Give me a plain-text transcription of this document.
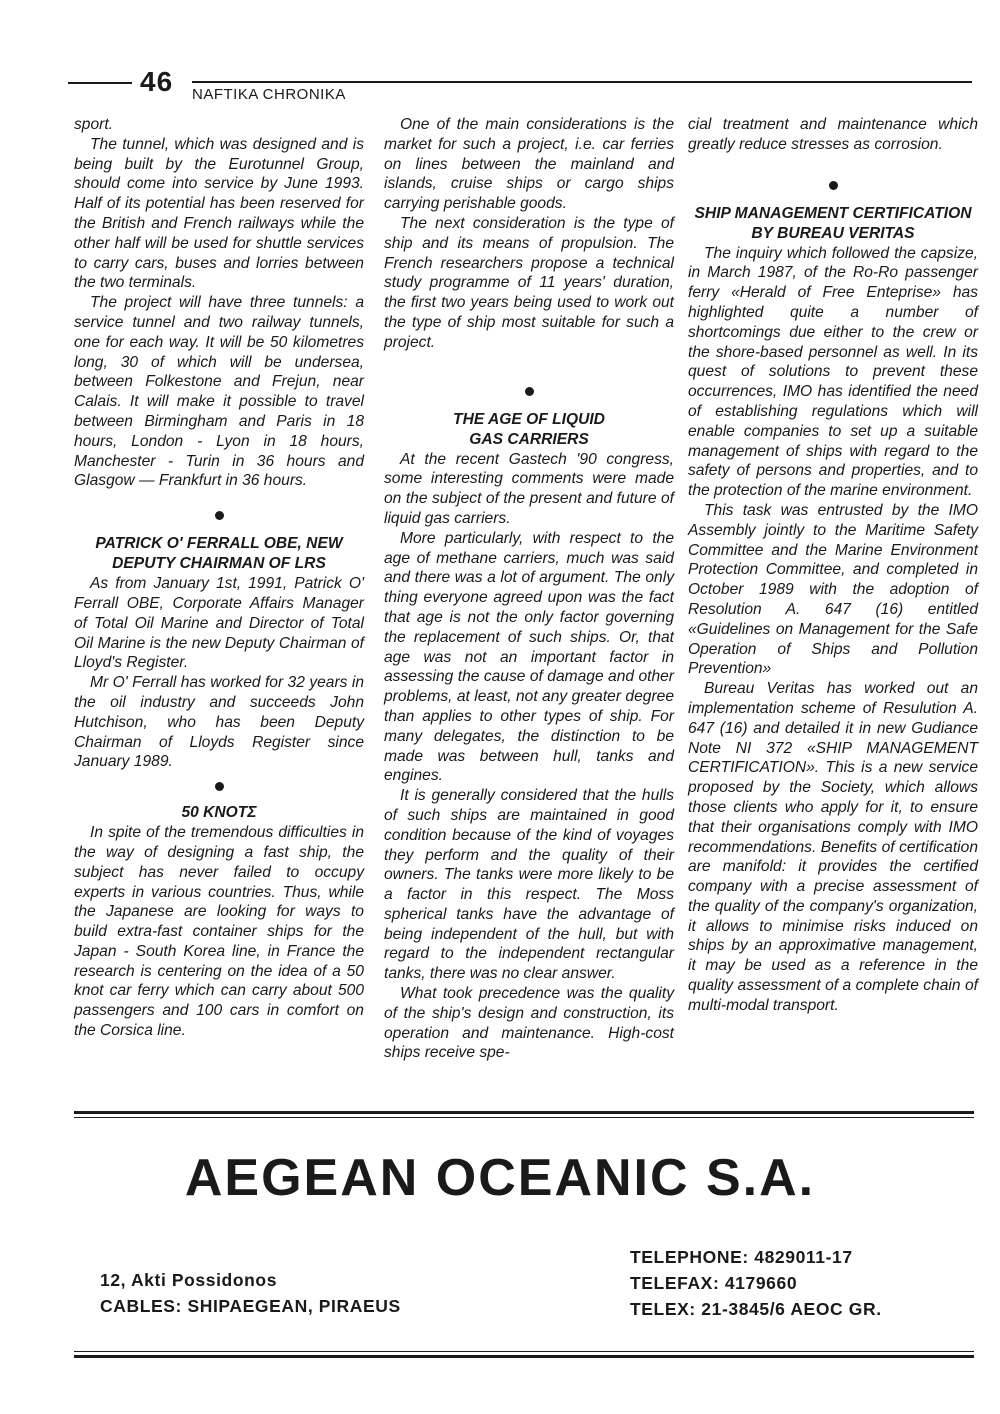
46 NAFTIKA CHRONIKA

sport.

The tunnel, which was designed and is being built by the Eurotunnel Group, should come into service by June 1993. Half of its potential has been reserved for the British and French railways while the other half will be used for shuttle services to carry cars, buses and lorries between the two terminals.

The project will have three tunnels: a service tunnel and two railway tunnels, one for each way. It will be 50 kilometres long, 30 of which will be undersea, between Folkestone and Frejun, near Calais. It will make it possible to travel between Birmingham and Paris in 18 hours, London - Lyon in 18 hours, Manchester - Turin in 36 hours and Glasgow — Frankfurt in 36 hours.

PATRICK O' FERRALL OBE, NEW DEPUTY CHAIRMAN OF LRS

As from January 1st, 1991, Patrick O' Ferrall OBE, Corporate Affairs Manager of Total Oil Marine and Director of Total Oil Marine is the new Deputy Chairman of Lloyd's Register.

Mr O' Ferrall has worked for 32 years in the oil industry and succeeds John Hutchison, who has been Deputy Chairman of Lloyds Register since January 1989.

50 ΚΝΟΤΣ

In spite of the tremendous difficulties in the way of designing a fast ship, the subject has never failed to occupy experts in various countries. Thus, while the Japanese are looking for ways to build extra-fast container ships for the Japan - South Korea line, in France the research is centering on the idea of a 50 knot car ferry which can carry about 500 passengers and 100 cars in comfort on the Corsica line.

One of the main considerations is the market for such a project, i.e. car ferries on lines between the mainland and islands, cruise ships or cargo ships carrying perishable goods.

The next consideration is the type of ship and its means of propulsion. The French researchers propose a technical study programme of 11 years' duration, the first two years being used to work out the type of ship most suitable for such a project.

THE AGE OF LIQUID GAS CARRIERS

At the recent Gastech '90 congress, some interesting comments were made on the subject of the present and future of liquid gas carriers.

More particularly, with respect to the age of methane carriers, much was said and there was a lot of argument. The only thing everyone agreed upon was the fact that age is not the only factor governing the replacement of such ships. Or, that age was not an important factor in assessing the cause of damage and other problems, at least, not any greater degree than applies to other types of ship. For many delegates, the distinction to be made was between hull, tanks and engines.

It is generally considered that the hulls of such ships are maintained in good condition because of the kind of voyages they perform and the quality of their owners. The tanks were more likely to be a factor in this respect. The Moss spherical tanks have the advantage of being independent of the hull, but with regard to the independent rectangular tanks, there was no clear answer.

What took precedence was the quality of the ship's design and construction, its operation and maintenance. High-cost ships receive spe-

cial treatment and maintenance which greatly reduce stresses as corrosion.

SHIP MANAGEMENT CERTIFICATION BY BUREAU VERITAS

The inquiry which followed the capsize, in March 1987, of the Ro-Ro passenger ferry «Herald of Free Enteprise» has highlighted quite a number of shortcomings due either to the crew or the shore-based personnel as well. In its quest of solutions to prevent these occurrences, IMO has identified the need of establishing regulations which will enable companies to set up a suitable management of ships with regard to the safety of persons and properties, and to the protection of the marine environment.

This task was entrusted by the IMO Assembly jointly to the Maritime Safety Committee and the Marine Environment Protection Committee, and completed in October 1989 with the adoption of Resolution A. 647 (16) entitled «Guidelines on Management for the Safe Operation of Ships and Pollution Prevention»

Bureau Veritas has worked out an implementation scheme of Resulution A. 647 (16) and detailed it in new Gudiance Note NI 372 «SHIP MANAGEMENT CERTIFICATION». This is a new service proposed by the Society, which allows those clients who apply for it, to ensure that their organisations comply with IMO recommendations. Benefits of certification are manifold: it provides the certified company with a precise assessment of the quality of the company's organization, it allows to minimise risks induced on ships by an approximative management, it may be used as a reference in the quality assessment of a complete chain of multi-modal transport.

AEGEAN OCEANIC S.A.
12, Akti Possidonos
CABLES: SHIPAEGEAN, PIRAEUS
TELEPHONE: 4829011-17
TELEFAX: 4179660
TELEX: 21-3845/6 AEOC GR.
